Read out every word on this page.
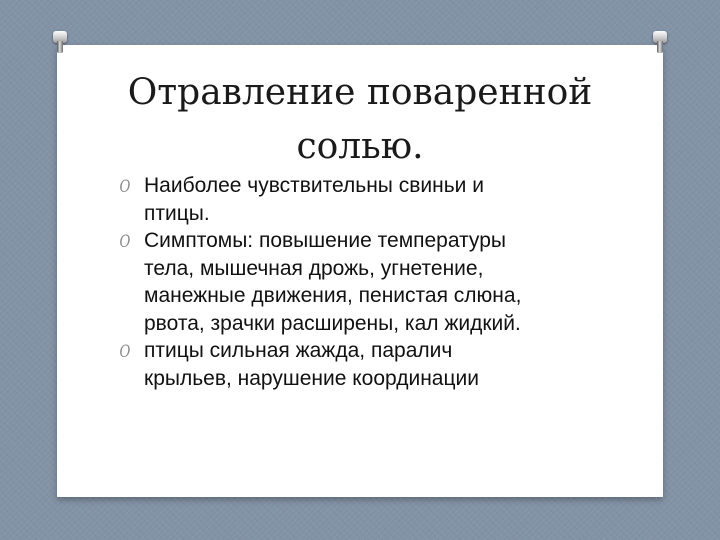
Отравление поваренной
солью.
O Наиболее чувствительны свиньи и
птицы.
O Симптомы: повышение температуры
тела, мышечная дрожь, угнетение,
манежные движения, пенистая слюна,
рвота, зрачки расширены, кал жидкий.
O птицы сильная жажда, паралич
крыльев, нарушение координации
